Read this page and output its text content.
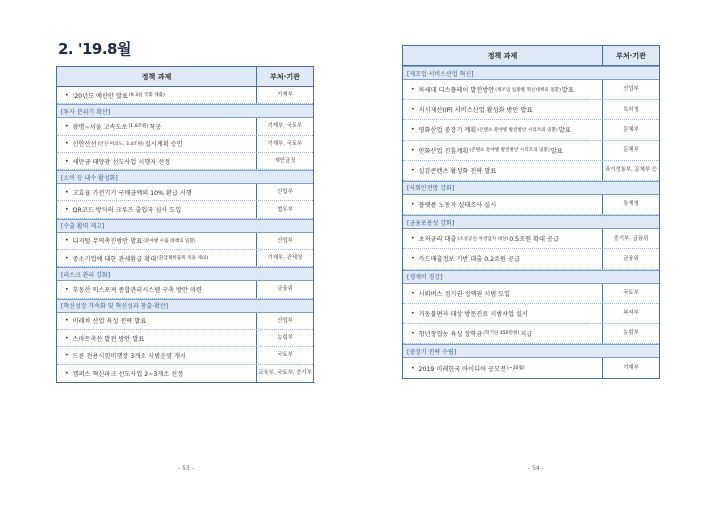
2. '19.8월
정책 과제	부처·기관
• '20년도 예산안 발표 (9.3일 국회 제출)	기재부
[투자 분위기 확산]
• 광명~서울 고속도로 (1.8조원) 착공	기재부, 국토부
• 신안산선 (안산·여의도, 3.4조원) 실시계획 승인	기재부, 국토부
• 새만금 태양광 선도사업 시행자 선정	새만금청
[소비 등 내수 활성화]
• 고효율 가전기기 구매금액의 10% 환급 시행	산업부
• QR코드 방식의 크루즈 출입국 심사 도입	법무부
[수출 활력 제고]
• 디지털 무역촉진방안 발표 (분야별 수출 대책의 일환)	산업부
• 중소기업에 대한 관세환급 확대 (환급제한품목 적용 제외)	기재부, 관세청
[리스크 관리 강화]
• 부동산 익스포져 종합관리시스템 구축 방안 마련	금융위
[혁신성장 가속화 및 혁신성과 창출·확산]
• 미래차 산업 육성 전략 발표	산업부
• 스마트축산 발전 방안 발표	농림부
• 드론 전용시험비행장 3개소 시범운영 개시	국토부
• 캠퍼스 혁신파크 선도사업 2~3개소 선정	교육부, 국토부, 중기부
- 53 -
정책 과제	부처·기관
[제조업·서비스산업 혁신]
• 차세대 디스플레이 발전방안 (제조업 업종별 혁신대책의 일환) 발표	산업부
• 지식재산(IP) 서비스산업 활성화 방안 발표	특허청
• 영화산업 중장기 계획 (콘텐츠 분야별 발전방안 시리즈의 일환) 발표	문체부
• 만화산업 진흥계획 (콘텐츠 분야별 발전방안 시리즈의 일환) 발표	문체부
• 실감콘텐츠 활성화 전략 발표	과기정통부, 문체부 등
[사회안전망 강화]
• 플랫폼 노동자 실태조사 실시	통계청
[금융포용성 강화]
• 초저금리 대출 (소상공인·자영업자 대상) 0.5조원 확대 공급	중기부, 금융위
• 카드매출정보 기반 대출 0.2조원 공급	금융위
[생계비 경감]
• 시외버스 정기권·정액권 시범 도입	국토부
• 거동불편자 대상 방문진료 시범사업 실시	복지부
• 청년창업농 육성 장학금 (학기당 450만원) 지급	농림부
[중장기 전략 수립]
• 2019 미래한국 아이디어 공모전 (~10월)	기재부
- 54 -
